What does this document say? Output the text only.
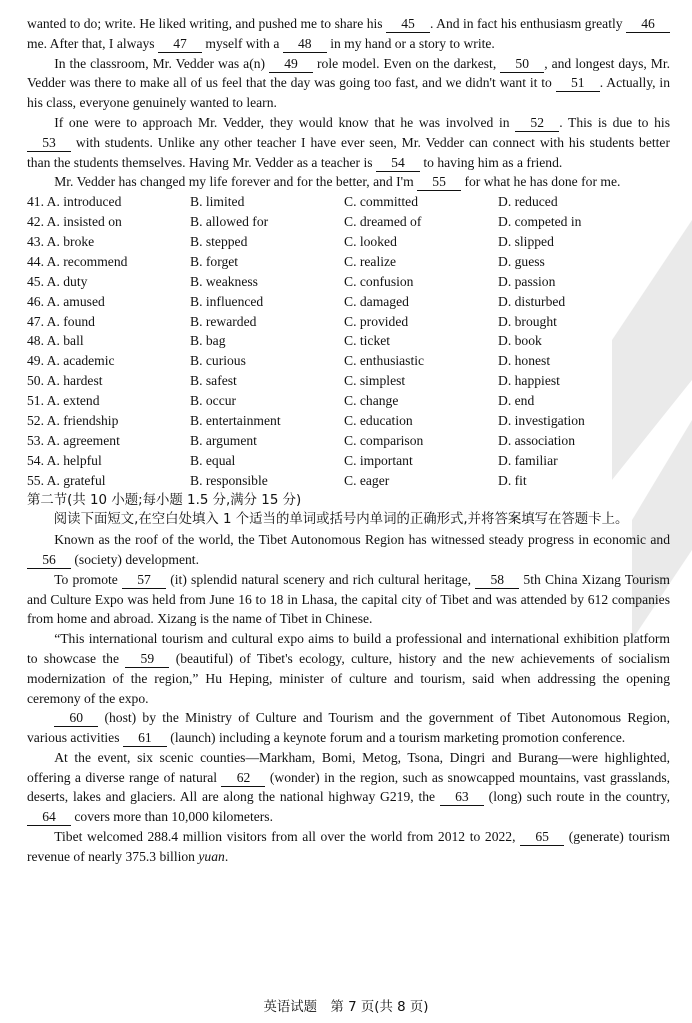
wanted to do; write. He liked writing, and pushed me to share his 45 . And in fact his enthusiasm greatly 46 me. After that, I always 47 myself with a 48 in my hand or a story to write.

In the classroom, Mr. Vedder was a(n) 49 role model. Even on the darkest, 50 , and longest days, Mr. Vedder was there to make all of us feel that the day was going too fast, and we didn't want it to 51 . Actually, in his class, everyone genuinely wanted to learn.

If one were to approach Mr. Vedder, they would know that he was involved in 52 . This is due to his 53 with students. Unlike any other teacher I have ever seen, Mr. Vedder can connect with his students better than the students themselves. Having Mr. Vedder as a teacher is 54 to having him as a friend.

Mr. Vedder has changed my life forever and for the better, and I'm 55 for what he has done for me.

41. A. introduced	B. limited	C. committed	D. reduced
42. A. insisted on	B. allowed for	C. dreamed of	D. competed in
43. A. broke	B. stepped	C. looked	D. slipped
44. A. recommend	B. forget	C. realize	D. guess
45. A. duty	B. weakness	C. confusion	D. passion
46. A. amused	B. influenced	C. damaged	D. disturbed
47. A. found	B. rewarded	C. provided	D. brought
48. A. ball	B. bag	C. ticket	D. book
49. A. academic	B. curious	C. enthusiastic	D. honest
50. A. hardest	B. safest	C. simplest	D. happiest
51. A. extend	B. occur	C. change	D. end
52. A. friendship	B. entertainment	C. education	D. investigation
53. A. agreement	B. argument	C. comparison	D. association
54. A. helpful	B. equal	C. important	D. familiar
55. A. grateful	B. responsible	C. eager	D. fit

第二节(共 10 小题;每小题 1.5 分,满分 15 分)

阅读下面短文,在空白处填入 1 个适当的单词或括号内单词的正确形式,并将答案填写在答题卡上。

Known as the roof of the world, the Tibet Autonomous Region has witnessed steady progress in economic and 56 (society) development.

To promote 57 (it) splendid natural scenery and rich cultural heritage, 58 5th China Xizang Tourism and Culture Expo was held from June 16 to 18 in Lhasa, the capital city of Tibet and was attended by 612 companies from home and abroad. Xizang is the name of Tibet in Chinese.

“This international tourism and cultural expo aims to build a professional and international exhibition platform to showcase the 59 (beautiful) of Tibet's ecology, culture, history and the new achievements of socialism modernization of the region,” Hu Heping, minister of culture and tourism, said when addressing the opening ceremony of the expo.

60 (host) by the Ministry of Culture and Tourism and the government of Tibet Autonomous Region, various activities 61 (launch) including a keynote forum and a tourism marketing promotion conference.

At the event, six scenic counties—Markham, Bomi, Metog, Tsona, Dingri and Burang—were highlighted, offering a diverse range of natural 62 (wonder) in the region, such as snowcapped mountains, vast grasslands, deserts, lakes and glaciers. All are along the national highway G219, the 63 (long) such route in the country, 64 covers more than 10,000 kilometers.

Tibet welcomed 288.4 million visitors from all over the world from 2012 to 2022, 65 (generate) tourism revenue of nearly 375.3 billion yuan.

英语试题　第 7 页(共 8 页)
